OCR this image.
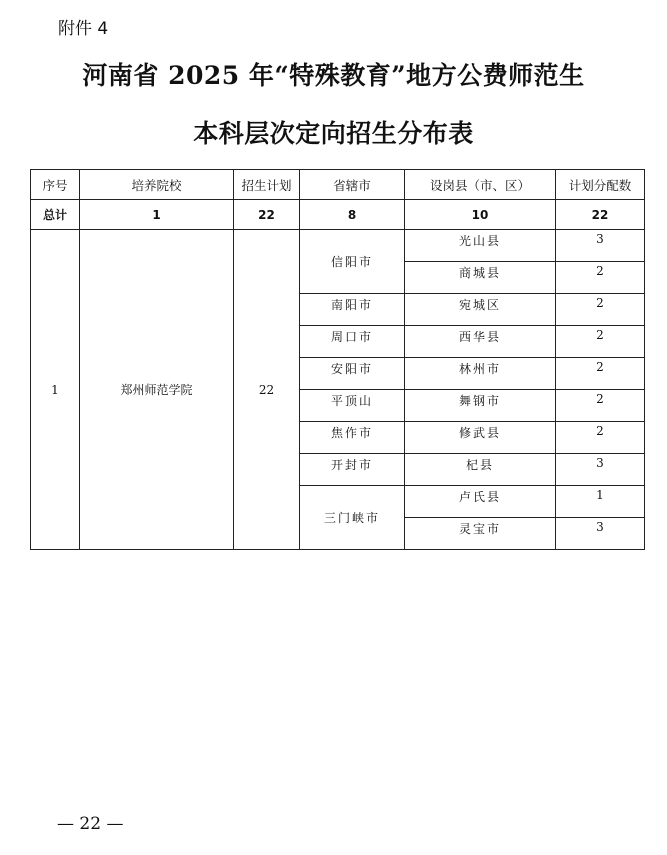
附件 4
河南省 2025 年“特殊教育”地方公费师范生
本科层次定向招生分布表
序号	培养院校	招生计划	省辖市	设岗县（市、区）	计划分配数
总计	1	22	8	10	22
1	郑州师范学院	22	信阳市	光山县	3
				商城县	2
			南阳市	宛城区	2
			周口市	西华县	2
			安阳市	林州市	2
			平顶山	舞钢市	2
			焦作市	修武县	2
			开封市	杞县	3
			三门峡市	卢氏县	1
				灵宝市	3
— 22 —
